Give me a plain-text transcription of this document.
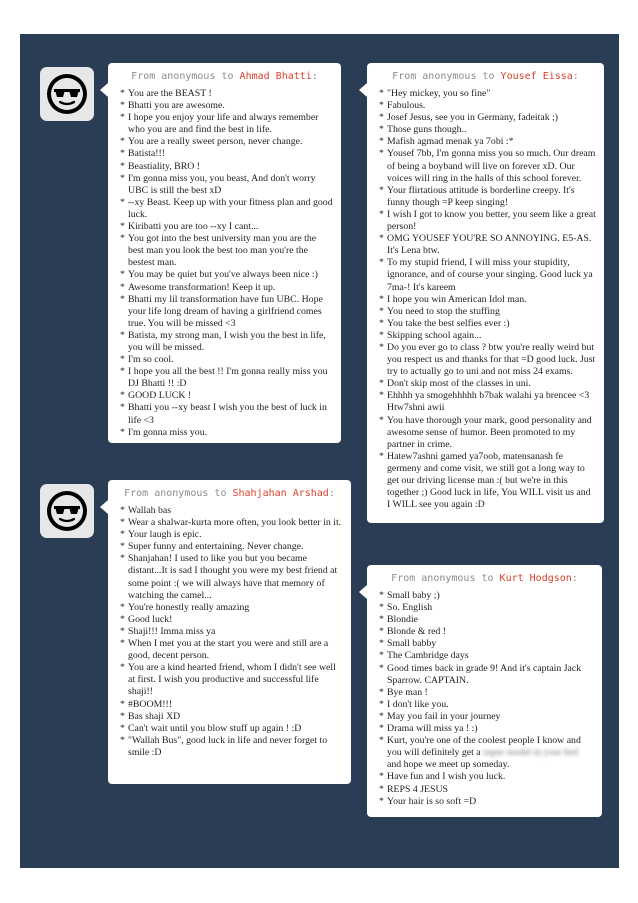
From anonymous to Ahmad Bhatti:
* You are the BEAST !
* Bhatti you are awesome.
* I hope you enjoy your life and always remember who you are and find the best in life.
* You are a really sweet person, never change.
* Batista!!!
* Beastiality, BRO !
* I'm gonna miss you, you beast, And don't worry UBC is still the best xD
* --xy Beast. Keep up with your fitness plan and good luck.
* Kiribatti you are too --xy I cant...
* You got into the best university man you are the best man you look the best too man you're the bestest man.
* You may be quiet but you've always been nice :)
* Awesome transformation! Keep it up.
* Bhatti my lil transformation have fun UBC. Hope your life long dream of having a girlfriend comes true. You will be missed <3
* Batista, my strong man, I wish you the best in life, you will be missed.
* I'm so cool.
* I hope you all the best !! I'm gonna really miss you DJ Bhatti !! :D
* GOOD LUCK !
* Bhatti you --xy beast I wish you the best of luck in life <3
* I'm gonna miss you.
From anonymous to Yousef Eissa:
* "Hey mickey, you so fine"
* Fabulous.
* Josef Jesus, see you in Germany, fadeitak ;)
* Those guns though..
* Mafish agmad menak ya 7obi :*
* Yousef 7bb, I'm gonna miss you so much. Our dream of being a boyband will live on forever xD. Our voices will ring in the halls of this school forever.
* Your flirtatious attitude is borderline creepy. It's funny though =P keep singing!
* I wish I got to know you better, you seem like a great person!
* OMG YOUSEF YOU'RE SO ANNOYING. E5-AS. It's Lena btw.
* To my stupid friend, I will miss your stupidity, ignorance, and of course your singing. Good luck ya 7ma-! It's kareem
* I hope you win American Idol man.
* You need to stop the stuffing
* You take the best selfies ever :)
* Skipping school again...
* Do you ever go to class ? btw you're really weird but you respect us and thanks for that =D good luck. Just try to actually go to uni and not miss 24 exams.
* Don't skip most of the classes in uni.
* Ehhhh ya smogehhhhh b7bak walahi ya brencee <3 Htw7shni awii
* You have thorough your mark, good personality and awesome sense of humor. Been promoted to my partner in crime.
* Hatew7ashni gamed ya7oob, matensanash fe germeny and come visit, we still got a long way to get our driving license man :( but we're in this together ;) Good luck in life, You WILL visit us and I WILL see you again :D
From anonymous to Shahjahan Arshad:
* Wallah bas
* Wear a shalwar-kurta more often, you look better in it.
* Your laugh is epic.
* Super funny and entertaining. Never change.
* Shanjahan! I used to like you but you became distant...It is sad I thought you were my best friend at some point :( we will always have that memory of watching the camel...
* You're honestly really amazing
* Good luck!
* Shaji!!! Imma miss ya
* When I met you at the start you were and still are a good, decent person.
* You are a kind hearted friend, whom I didn't see well at first. I wish you productive and successful life shaji!!
* #BOOM!!!
* Bas shaji XD
* Can't wait until you blow stuff up again ! :D
* "Wallah Bus", good luck in life and never forget to smile :D
From anonymous to Kurt Hodgson:
* Small baby ;)
* So. English
* Blondie
* Blonde & red !
* Small babby
* The Cambridge days
* Good times back in grade 9! And it's captain Jack Sparrow. CAPTAIN.
* Bye man !
* I don't like you.
* May you fail in your journey
* Drama will miss ya ! :)
* Kurt, you're one of the coolest people I know and you will definitely get a super model in your bed and hope we meet up someday.
* Have fun and I wish you luck.
* REPS 4 JESUS
* Your hair is so soft =D
